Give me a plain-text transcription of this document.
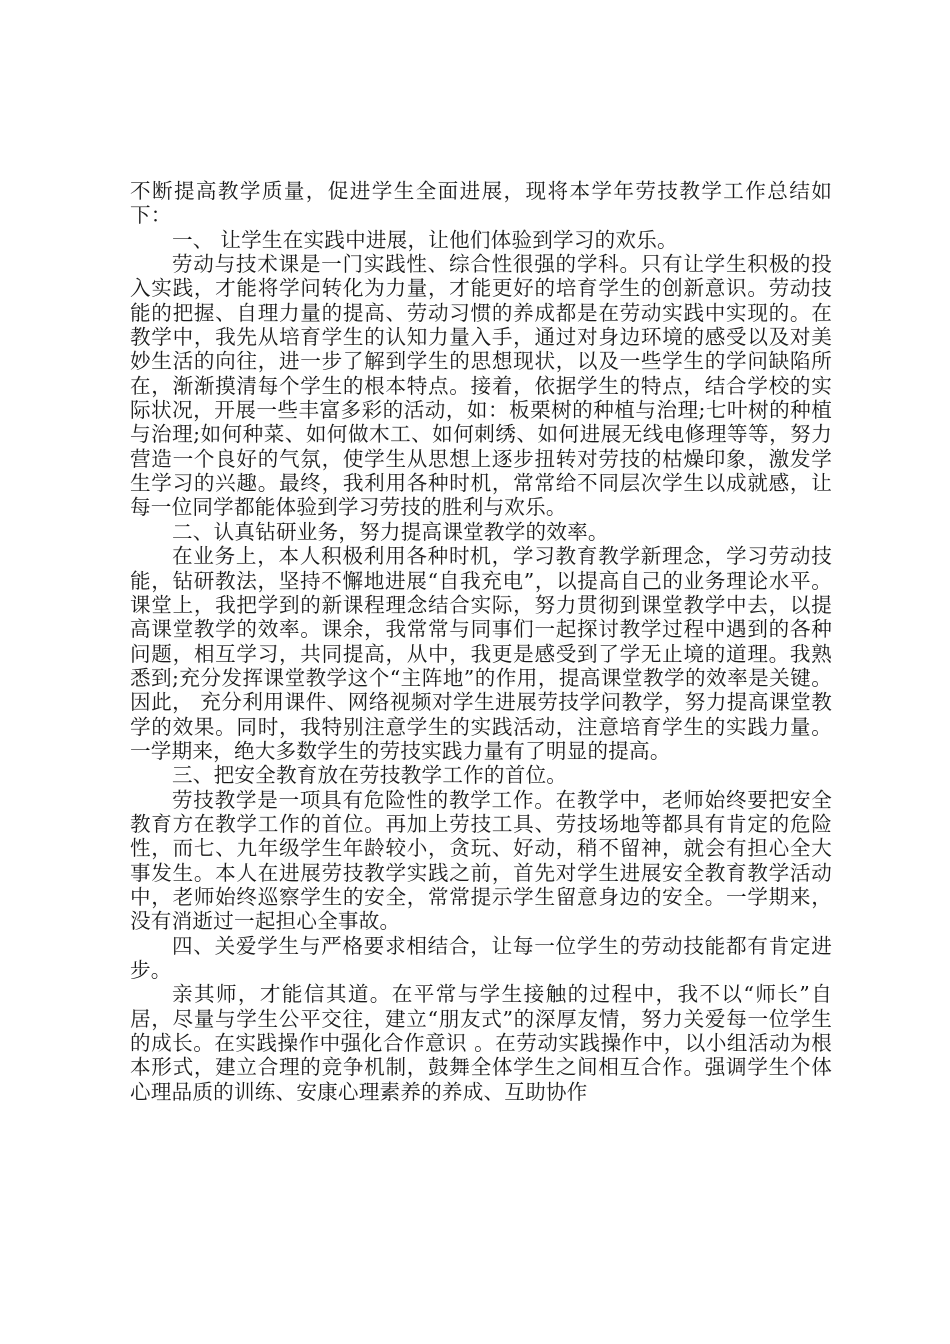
不断提高教学质量，促进学生全面进展，现将本学年劳技教学工作总结如下：

一、 让学生在实践中进展，让他们体验到学习的欢乐。

劳动与技术课是一门实践性、综合性很强的学科。只有让学生积极的投入实践，才能将学问转化为力量，才能更好的培育学生的创新意识。劳动技能的把握、自理力量的提高、劳动习惯的养成都是在劳动实践中实现的。在教学中，我先从培育学生的认知力量入手，通过对身边环境的感受以及对美妙生活的向往，进一步了解到学生的思想现状，以及一些学生的学问缺陷所在，渐渐摸清每个学生的根本特点。接着，依据学生的特点，结合学校的实际状况，开展一些丰富多彩的活动，如：板栗树的种植与治理;七叶树的种植与治理;如何种菜、如何做木工、如何刺绣、如何进展无线电修理等等，努力营造一个良好的气氛，使学生从思想上逐步扭转对劳技的枯燥印象，激发学生学习的兴趣。最终，我利用各种时机，常常给不同层次学生以成就感，让每一位同学都能体验到学习劳技的胜利与欢乐。

二、认真钻研业务，努力提高课堂教学的效率。

在业务上，本人积极利用各种时机，学习教育教学新理念，学习劳动技能，钻研教法，坚持不懈地进展“自我充电”，以提高自己的业务理论水平。课堂上，我把学到的新课程理念结合实际，努力贯彻到课堂教学中去，以提高课堂教学的效率。课余，我常常与同事们一起探讨教学过程中遇到的各种问题，相互学习，共同提高，从中，我更是感受到了学无止境的道理。我熟悉到;充分发挥课堂教学这个“主阵地”的作用，提高课堂教学的效率是关键。因此， 充分利用课件、网络视频对学生进展劳技学问教学，努力提高课堂教学的效果。同时，我特别注意学生的实践活动，注意培育学生的实践力量。一学期来，绝大多数学生的劳技实践力量有了明显的提高。

三、把安全教育放在劳技教学工作的首位。

劳技教学是一项具有危险性的教学工作。在教学中，老师始终要把安全教育方在教学工作的首位。再加上劳技工具、劳技场地等都具有肯定的危险性，而七、九年级学生年龄较小，贪玩、好动，稍不留神，就会有担心全大事发生。本人在进展劳技教学实践之前，首先对学生进展安全教育教学活动中，老师始终巡察学生的安全，常常提示学生留意身边的安全。一学期来，没有消逝过一起担心全事故。

四、关爱学生与严格要求相结合，让每一位学生的劳动技能都有肯定进步。

亲其师，才能信其道。在平常与学生接触的过程中，我不以“师长”自居，尽量与学生公平交往，建立“朋友式”的深厚友情，努力关爱每一位学生的成长。在实践操作中强化合作意识 。在劳动实践操作中，以小组活动为根本形式，建立合理的竞争机制，鼓舞全体学生之间相互合作。强调学生个体心理品质的训练、安康心理素养的养成、互助协作
